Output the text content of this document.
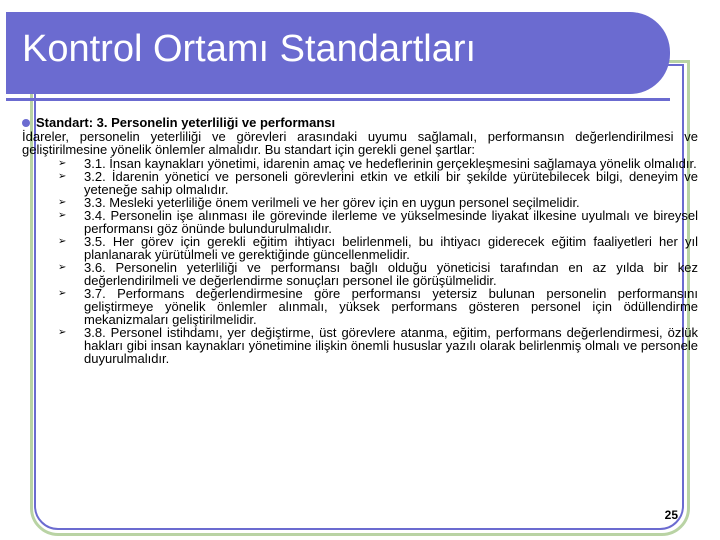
Kontrol Ortamı Standartları
Standart: 3. Personelin yeterliliği ve performansı
İdareler, personelin yeterliliği ve görevleri arasındaki uyumu sağlamalı, performansın değerlendirilmesi ve geliştirilmesine yönelik önlemler almalıdır. Bu standart için gerekli genel şartlar:
➢	3.1. İnsan kaynakları yönetimi, idarenin amaç ve hedeflerinin gerçekleşmesini sağlamaya yönelik olmalıdır.
➢	3.2. İdarenin yönetici ve personeli görevlerini etkin ve etkili bir şekilde yürütebilecek bilgi, deneyim ve yeteneğe sahip olmalıdır.
➢	3.3. Mesleki yeterliliğe önem verilmeli ve her görev için en uygun personel seçilmelidir.
➢	3.4. Personelin işe alınması ile görevinde ilerleme ve yükselmesinde liyakat ilkesine uyulmalı ve bireysel performansı göz önünde bulundurulmalıdır.
➢	3.5. Her görev için gerekli eğitim ihtiyacı belirlenmeli, bu ihtiyacı giderecek eğitim faaliyetleri her yıl planlanarak yürütülmeli ve gerektiğinde güncellenmelidir.
➢	3.6. Personelin yeterliliği ve performansı bağlı olduğu yöneticisi tarafından en az yılda bir kez değerlendirilmeli ve değerlendirme sonuçları personel ile görüşülmelidir.
➢	3.7. Performans değerlendirmesine göre performansı yetersiz bulunan personelin performansını geliştirmeye yönelik önlemler alınmalı, yüksek performans gösteren personel için ödüllendirme mekanizmaları geliştirilmelidir.
➢	3.8. Personel istihdamı, yer değiştirme, üst görevlere atanma, eğitim, performans değerlendirmesi, özlük hakları gibi insan kaynakları yönetimine ilişkin önemli hususlar yazılı olarak belirlenmiş olmalı ve personele duyurulmalıdır.
25
